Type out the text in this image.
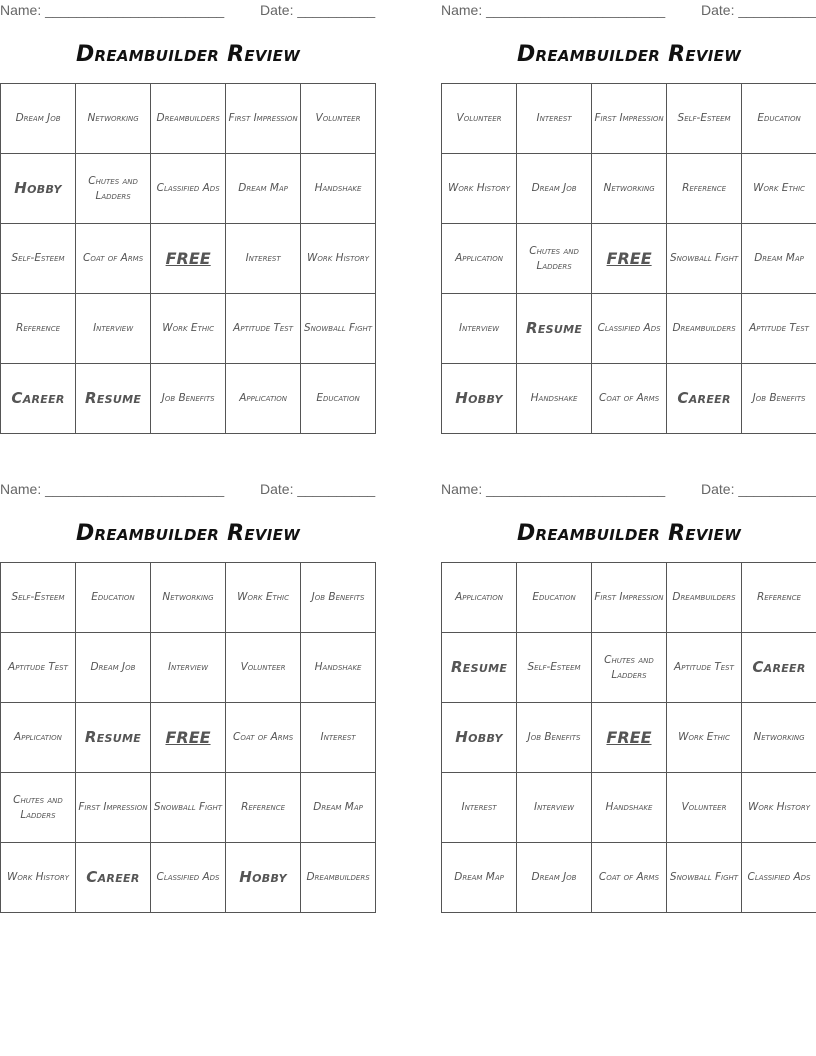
Name: _______________________	Date: __________
Dreambuilder Review
Dream Job	Networking	Dreambuilders	First Impression	Volunteer
Hobby	Chutes and Ladders	Classified Ads	Dream Map	Handshake
Self-Esteem	Coat of Arms	FREE	Interest	Work History
Reference	Interview	Work Ethic	Aptitude Test	Snowball Fight
Career	Resume	Job Benefits	Application	Education
Name: _______________________	Date: __________
Dreambuilder Review
Volunteer	Interest	First Impression	Self-Esteem	Education
Work History	Dream Job	Networking	Reference	Work Ethic
Application	Chutes and Ladders	FREE	Snowball Fight	Dream Map
Interview	Resume	Classified Ads	Dreambuilders	Aptitude Test
Hobby	Handshake	Coat of Arms	Career	Job Benefits
Name: _______________________	Date: __________
Dreambuilder Review
Self-Esteem	Education	Networking	Work Ethic	Job Benefits
Aptitude Test	Dream Job	Interview	Volunteer	Handshake
Application	Resume	FREE	Coat of Arms	Interest
Chutes and Ladders	First Impression	Snowball Fight	Reference	Dream Map
Work History	Career	Classified Ads	Hobby	Dreambuilders
Name: _______________________	Date: __________
Dreambuilder Review
Application	Education	First Impression	Dreambuilders	Reference
Resume	Self-Esteem	Chutes and Ladders	Aptitude Test	Career
Hobby	Job Benefits	FREE	Work Ethic	Networking
Interest	Interview	Handshake	Volunteer	Work History
Dream Map	Dream Job	Coat of Arms	Snowball Fight	Classified Ads
